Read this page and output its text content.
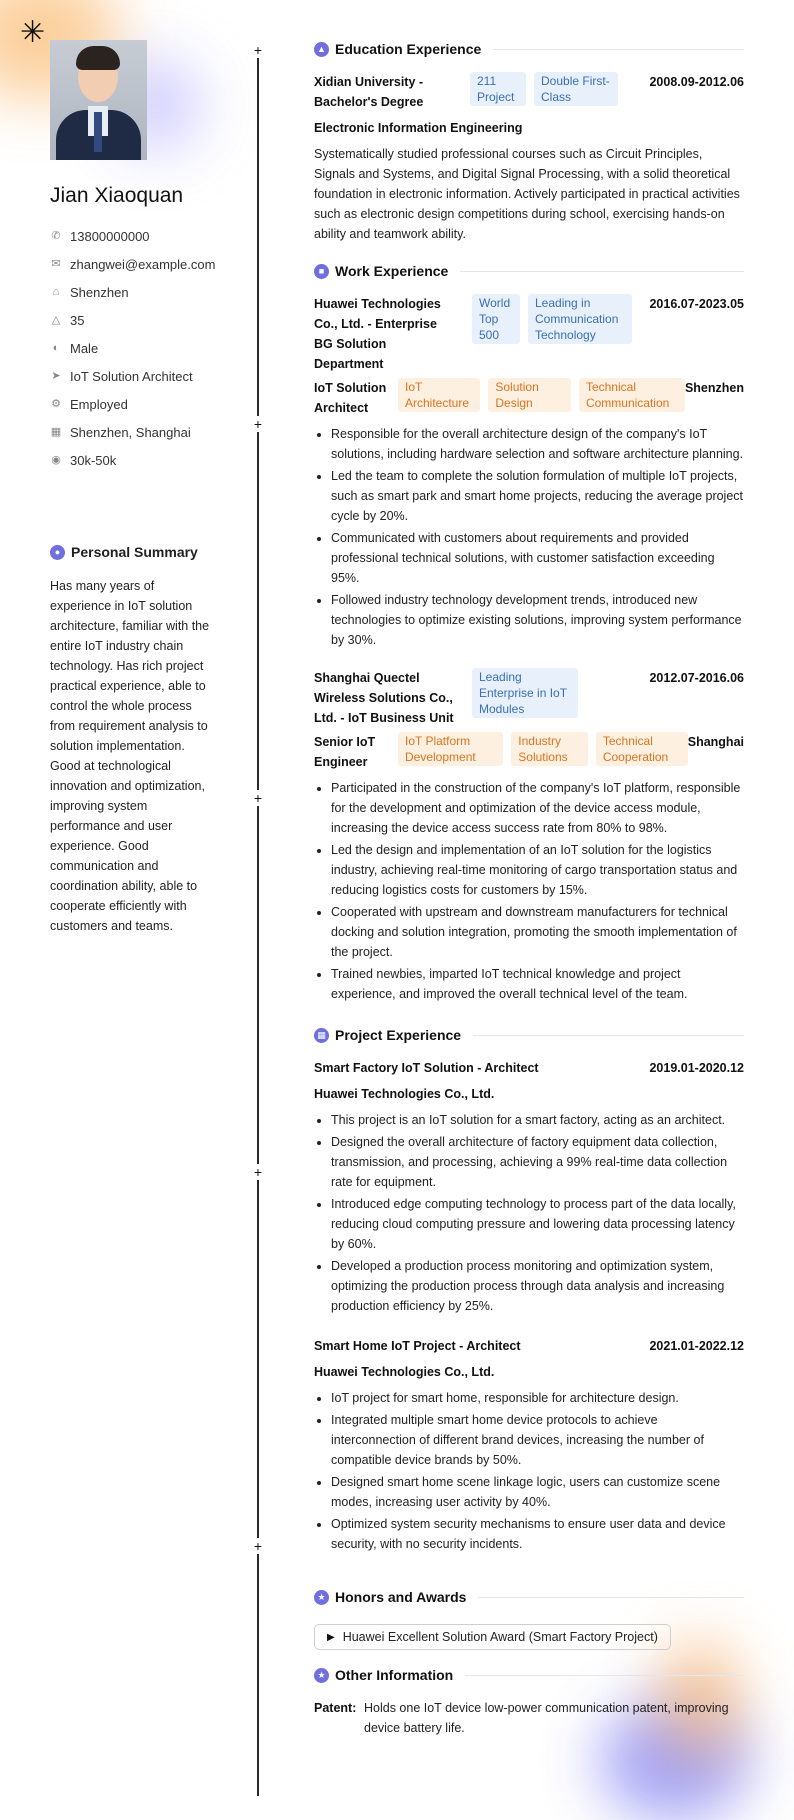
✳
Jian Xiaoquan
✆ 13800000000
✉ zhangwei@example.com
⌂ Shenzhen
△ 35
◐ Male
➤ IoT Solution Architect
⚙ Employed
▦ Shenzhen, Shanghai
◉ 30k-50k
● Personal Summary
Has many years of experience in IoT solution architecture, familiar with the entire IoT industry chain technology. Has rich project practical experience, able to control the whole process from requirement analysis to solution implementation. Good at technological innovation and optimization, improving system performance and user experience. Good communication and coordination ability, able to cooperate efficiently with customers and teams.
+
+
+
+
+
▲ Education Experience
Xidian University - Bachelor's Degree
211 Project
Double First-Class
2008.09-2012.06
Electronic Information Engineering
Systematically studied professional courses such as Circuit Principles, Signals and Systems, and Digital Signal Processing, with a solid theoretical foundation in electronic information. Actively participated in practical activities such as electronic design competitions during school, exercising hands-on ability and teamwork ability.
■ Work Experience
Huawei Technologies Co., Ltd. - Enterprise BG Solution Department
World Top 500
Leading in Communication Technology
2016.07-2023.05
IoT Solution Architect
IoT Architecture
Solution Design
Technical Communication
Shenzhen
• Responsible for the overall architecture design of the company's IoT solutions, including hardware selection and software architecture planning.
• Led the team to complete the solution formulation of multiple IoT projects, such as smart park and smart home projects, reducing the average project cycle by 20%.
• Communicated with customers about requirements and provided professional technical solutions, with customer satisfaction exceeding 95%.
• Followed industry technology development trends, introduced new technologies to optimize existing solutions, improving system performance by 30%.
Shanghai Quectel Wireless Solutions Co., Ltd. - IoT Business Unit
Leading Enterprise in IoT Modules
2012.07-2016.06
Senior IoT Engineer
IoT Platform Development
Industry Solutions
Technical Cooperation
Shanghai
• Participated in the construction of the company's IoT platform, responsible for the development and optimization of the device access module, increasing the device access success rate from 80% to 98%.
• Led the design and implementation of an IoT solution for the logistics industry, achieving real-time monitoring of cargo transportation status and reducing logistics costs for customers by 15%.
• Cooperated with upstream and downstream manufacturers for technical docking and solution integration, promoting the smooth implementation of the project.
• Trained newbies, imparted IoT technical knowledge and project experience, and improved the overall technical level of the team.
▦ Project Experience
Smart Factory IoT Solution - Architect	2019.01-2020.12
Huawei Technologies Co., Ltd.
• This project is an IoT solution for a smart factory, acting as an architect.
• Designed the overall architecture of factory equipment data collection, transmission, and processing, achieving a 99% real-time data collection rate for equipment.
• Introduced edge computing technology to process part of the data locally, reducing cloud computing pressure and lowering data processing latency by 60%.
• Developed a production process monitoring and optimization system, optimizing the production process through data analysis and increasing production efficiency by 25%.
Smart Home IoT Project - Architect	2021.01-2022.12
Huawei Technologies Co., Ltd.
• IoT project for smart home, responsible for architecture design.
• Integrated multiple smart home device protocols to achieve interconnection of different brand devices, increasing the number of compatible device brands by 50%.
• Designed smart home scene linkage logic, users can customize scene modes, increasing user activity by 40%.
• Optimized system security mechanisms to ensure user data and device security, with no security incidents.
★ Honors and Awards
▶ Huawei Excellent Solution Award (Smart Factory Project)
★ Other Information
Patent: Holds one IoT device low-power communication patent, improving device battery life.
